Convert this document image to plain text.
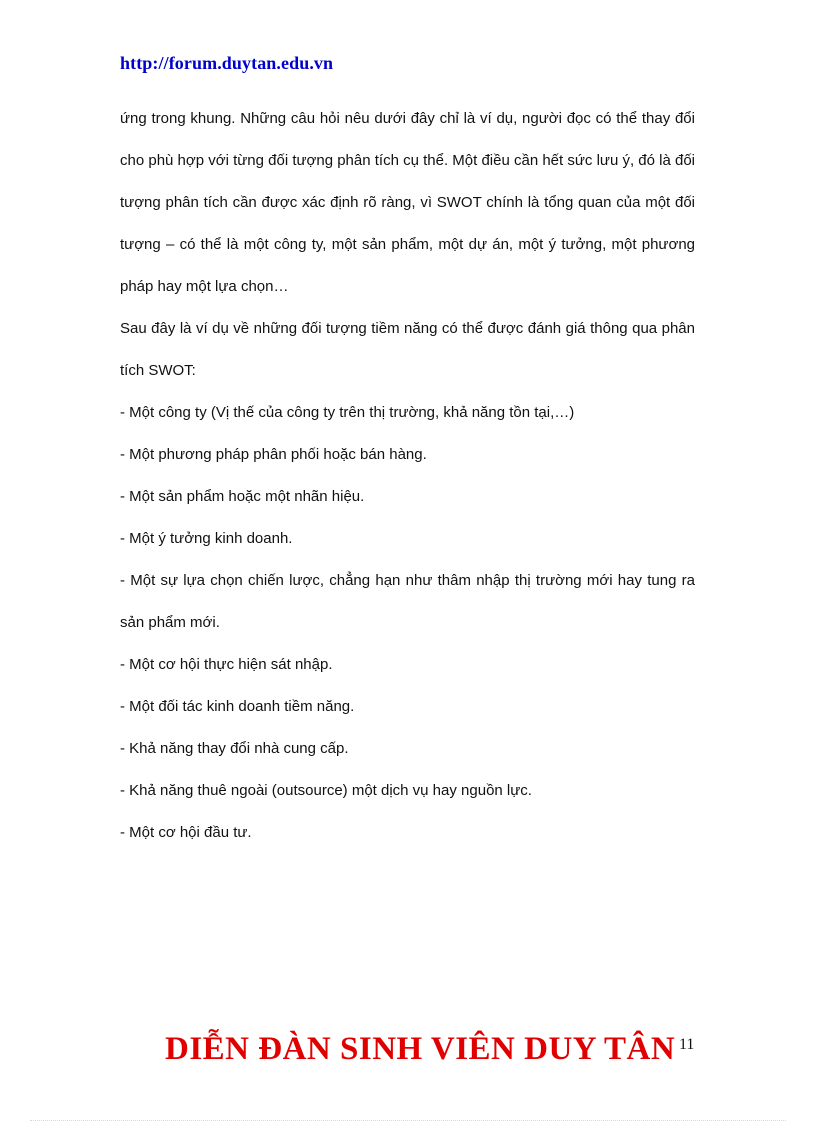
http://forum.duytan.edu.vn

ứng trong khung. Những câu hỏi nêu dưới đây chỉ là ví dụ, người đọc có thể thay đổi cho phù hợp với từng đối tượng phân tích cụ thể. Một điều cần hết sức lưu ý, đó là đối tượng phân tích cần được xác định rõ ràng, vì SWOT chính là tổng quan của một đối tượng – có thể là một công ty, một sản phẩm, một dự án, một ý tưởng, một phương pháp hay một lựa chọn…

Sau đây là ví dụ về những đối tượng tiềm năng có thể được đánh giá thông qua phân tích SWOT:

- Một công ty (Vị thế của công ty trên thị trường, khả năng tồn tại,…)

- Một phương pháp phân phối hoặc bán hàng.

- Một sản phẩm hoặc một nhãn hiệu.

- Một ý tưởng kinh doanh.

- Một sự lựa chọn chiến lược, chẳng hạn như thâm nhập thị trường mới hay tung ra sản phẩm mới.

- Một cơ hội thực hiện sát nhập.

- Một đối tác kinh doanh tiềm năng.

- Khả năng thay đổi nhà cung cấp.

- Khả năng thuê ngoài (outsource) một dịch vụ hay nguồn lực.

- Một cơ hội đầu tư.

DIỄN ĐÀN SINH VIÊN DUY TÂN 11
